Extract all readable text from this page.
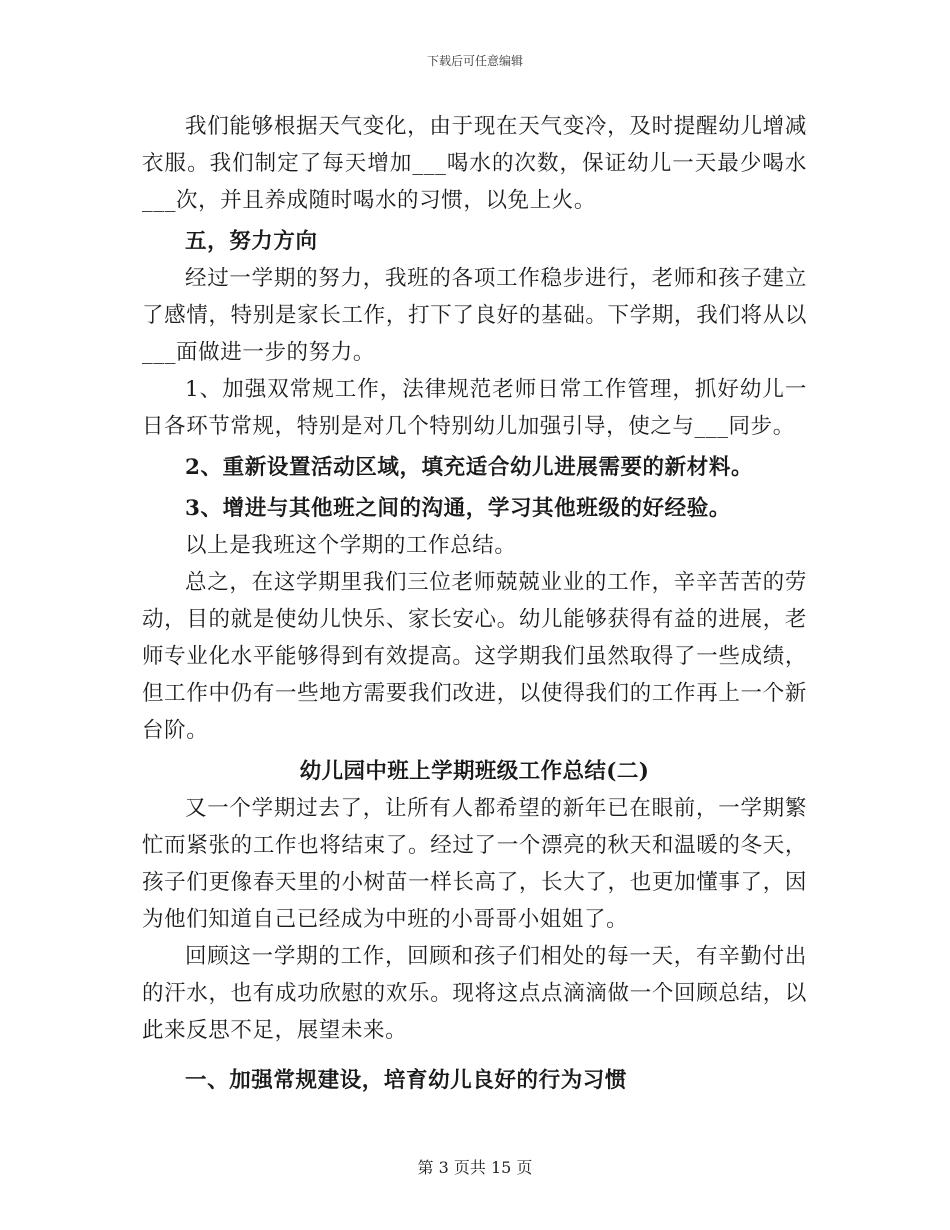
下载后可任意编辑

我们能够根据天气变化，由于现在天气变冷，及时提醒幼儿增减衣服。我们制定了每天增加___喝水的次数，保证幼儿一天最少喝水___次，并且养成随时喝水的习惯，以免上火。

五，努力方向

经过一学期的努力，我班的各项工作稳步进行，老师和孩子建立了感情，特别是家长工作，打下了良好的基础。下学期，我们将从以___面做进一步的努力。

1、加强双常规工作，法律规范老师日常工作管理，抓好幼儿一日各环节常规，特别是对几个特别幼儿加强引导，使之与___同步。

2、重新设置活动区域，填充适合幼儿进展需要的新材料。

3、增进与其他班之间的沟通，学习其他班级的好经验。

以上是我班这个学期的工作总结。

总之，在这学期里我们三位老师兢兢业业的工作，辛辛苦苦的劳动，目的就是使幼儿快乐、家长安心。幼儿能够获得有益的进展，老师专业化水平能够得到有效提高。这学期我们虽然取得了一些成绩，但工作中仍有一些地方需要我们改进，以使得我们的工作再上一个新台阶。

幼儿园中班上学期班级工作总结(二)

又一个学期过去了，让所有人都希望的新年已在眼前，一学期繁忙而紧张的工作也将结束了。经过了一个漂亮的秋天和温暖的冬天，孩子们更像春天里的小树苗一样长高了，长大了，也更加懂事了，因为他们知道自己已经成为中班的小哥哥小姐姐了。

回顾这一学期的工作，回顾和孩子们相处的每一天，有辛勤付出的汗水，也有成功欣慰的欢乐。现将这点点滴滴做一个回顾总结，以此来反思不足，展望未来。

一、加强常规建设，培育幼儿良好的行为习惯

第 3 页共 15 页
